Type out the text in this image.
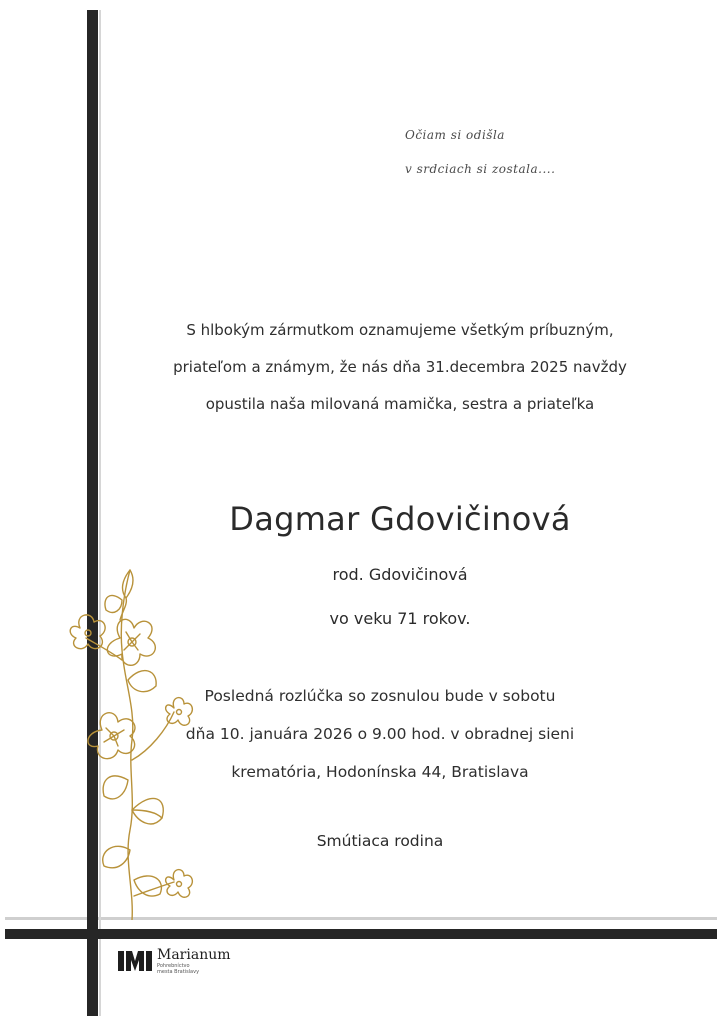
Očiam si odišla
v srdciach si zostala....
S hlbokým zármutkom oznamujeme všetkým príbuzným,
priateľom a známym, že nás dňa 31.decembra 2025 navždy
opustila naša milovaná mamička, sestra a priateľka
Dagmar Gdovičinová
rod. Gdovičinová
vo veku 71 rokov.
Posledná rozlúčka so zosnulou bude v sobotu
dňa 10. januára 2026 o 9.00 hod. v obradnej sieni
krematória, Hodonínska 44, Bratislava
Smútiaca rodina
Marianum
Pohrebníctvo
mesta Bratislavy
